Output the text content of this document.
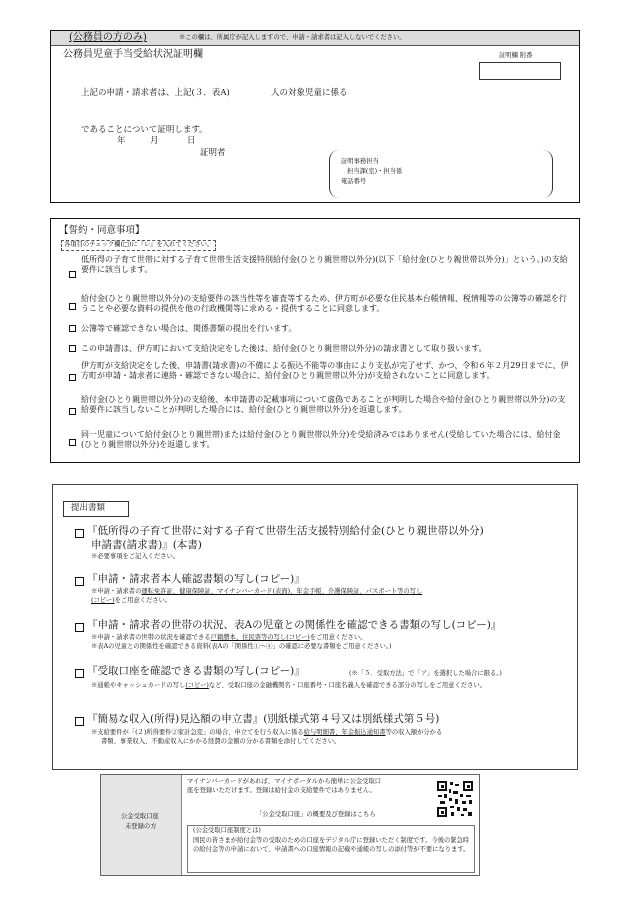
(公務員の方のみ)	※この欄は、所属庁が記入しますので、申請・請求者は記入しないでください。
公務員児童手当受給状況証明欄	証明欄 附番
上記の申請・請求者は、上記(３．表A)	人の対象児童に係る
であることについて証明します。
年	月	日
証明者
証明事務担当
担当課(室)・担当係
電話番号
【誓約・同意事項】
各項目のチェック欄(□)に『レ』を入れてください。
低所得の子育て世帯に対する子育て世帯生活支援特別給付金(ひとり親世帯以外分)(以下「給付金(ひとり親世帯以外分)」という。)の支給要件に該当します。
給付金(ひとり親世帯以外分)の支給要件の該当性等を審査等するため、伊方町が必要な住民基本台帳情報、税情報等の公簿等の確認を行うことや必要な資料の提供を他の行政機関等に求める・提供することに同意します。
公簿等で確認できない場合は、関係書類の提出を行います。
この申請書は、伊方町において支給決定をした後は、給付金(ひとり親世帯以外分)の請求書として取り扱います。
伊方町が支給決定をした後、申請書(請求書)の不備による振込不能等の事由により支払が完了せず、かつ、令和６年２月29日までに、伊方町が申請・請求者に連絡・確認できない場合に、給付金(ひとり親世帯以外分)が支給されないことに同意します。
給付金(ひとり親世帯以外分)の支給後、本申請書の記載事項について虚偽であることが判明した場合や給付金(ひとり親世帯以外分)の支給要件に該当しないことが判明した場合には、給付金(ひとり親世帯以外分)を返還します。
同一児童について給付金(ひとり親世帯)または給付金(ひとり親世帯以外分)を受給済みではありません(受給していた場合には、給付金(ひとり親世帯以外分)を返還します。
提出書類
『低所得の子育て世帯に対する子育て世帯生活支援特別給付金(ひとり親世帯以外分)
申請書(請求書)』(本書)
※必要事項をご記入ください。
『申請・請求者本人確認書類の写し(コピー)』
※申請・請求者の運転免許証、健康保険証、マイナンバーカード(表面)、年金手帳、介護保険証、パスポート等の写し
(コピー)をご用意ください。
『申請・請求者の世帯の状況、表Aの児童との関係性を確認できる書類の写し(コピー)』
※申請・請求者の世帯の状況を確認できる戸籍謄本、住民票等の写し(コピー)をご用意ください。
※表Aの児童との関係性を確認できる資料(表Aの「関係性①〜④」の確認に必要な書類をご用意ください。)
『受取口座を確認できる書類の写し(コピー)』	(※「５．受取方法」で「ア」を選択した場合に限る。)
※通帳やキャッシュカードの写し(コピー)など、受取口座の金融機関名・口座番号・口座名義人を確認できる部分の写しをご用意ください。
『簡易な収入(所得)見込額の申立書』(別紙様式第４号又は別紙様式第５号)
※支給要件が「(２)所得要件②家計急変」の場合、申立てを行う収入に係る給与明細書、年金振込通知書等の収入額が分かる
書類、事業収入、不動産収入にかかる経費の金額の分かる書類を添付してください。
公金受取口座
未登録の方
マイナンバーカードがあれば、マイナポータルから簡単に公金受取口座を登録いただけます。登録は給付金の支給要件ではありません。
「公金受取口座」の概要及び登録はこちら
(公金受取口座制度とは)
国民の皆さまが給付金等の受取のための口座をデジタル庁に登録いただく制度です。今後の緊急時の給付金等の申請において、申請書への口座情報の記載や通帳の写しの添付等が不要になります。
